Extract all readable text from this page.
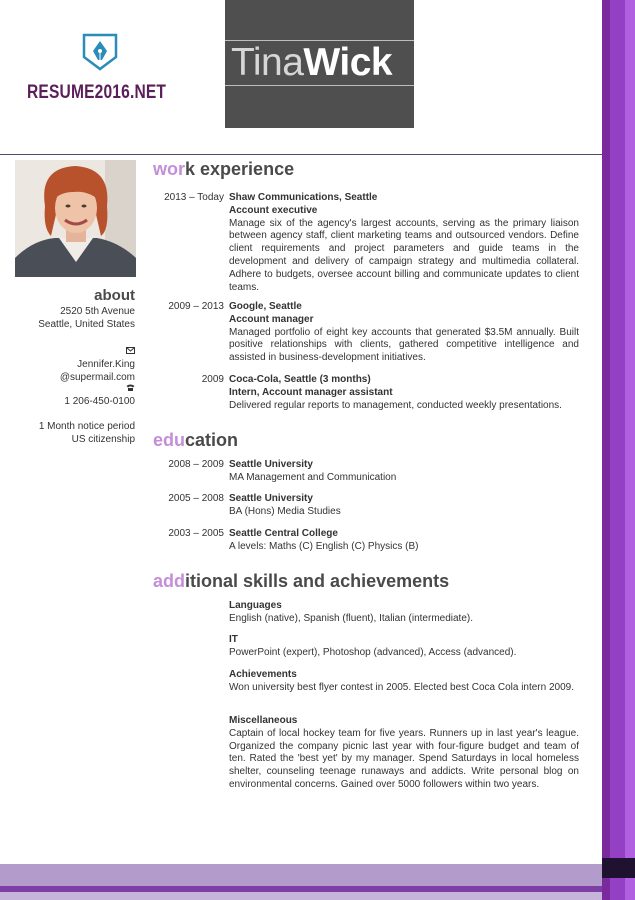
RESUME2016.NET
TinaWick
about
2520 5th Avenue
Seattle, United States
Jennifer.King
@supermail.com
1 206-450-0100
1 Month notice period
US citizenship
work experience
2013 – Today Shaw Communications, Seattle
Account executive
Manage six of the agency's largest accounts, serving as the primary liaison between agency staff, client marketing teams and outsourced vendors. Define client requirements and project parameters and guide teams in the development and delivery of campaign strategy and multimedia collateral. Adhere to budgets, oversee account billing and communicate updates to client teams.
2009 – 2013 Google, Seattle
Account manager
Managed portfolio of eight key accounts that generated $3.5M annually. Built positive relationships with clients, gathered competitive intelligence and assisted in business-development initiatives.
2009 Coca-Cola, Seattle (3 months)
Intern, Account manager assistant
Delivered regular reports to management, conducted weekly presentations.
education
2008 – 2009 Seattle University
MA Management and Communication
2005 – 2008 Seattle University
BA (Hons) Media Studies
2003 – 2005 Seattle Central College
A levels: Maths (C) English (C) Physics (B)
additional skills and achievements
Languages
English (native), Spanish (fluent), Italian (intermediate).
IT
PowerPoint (expert), Photoshop (advanced), Access (advanced).
Achievements
Won university best flyer contest in 2005. Elected best Coca Cola intern 2009.
Miscellaneous
Captain of local hockey team for five years. Runners up in last year's league. Organized the company picnic last year with four-figure budget and team of ten. Rated the 'best yet' by my manager. Spend Saturdays in local homeless shelter, counseling teenage runaways and addicts. Write personal blog on environmental concerns. Gained over 5000 followers within two years.
